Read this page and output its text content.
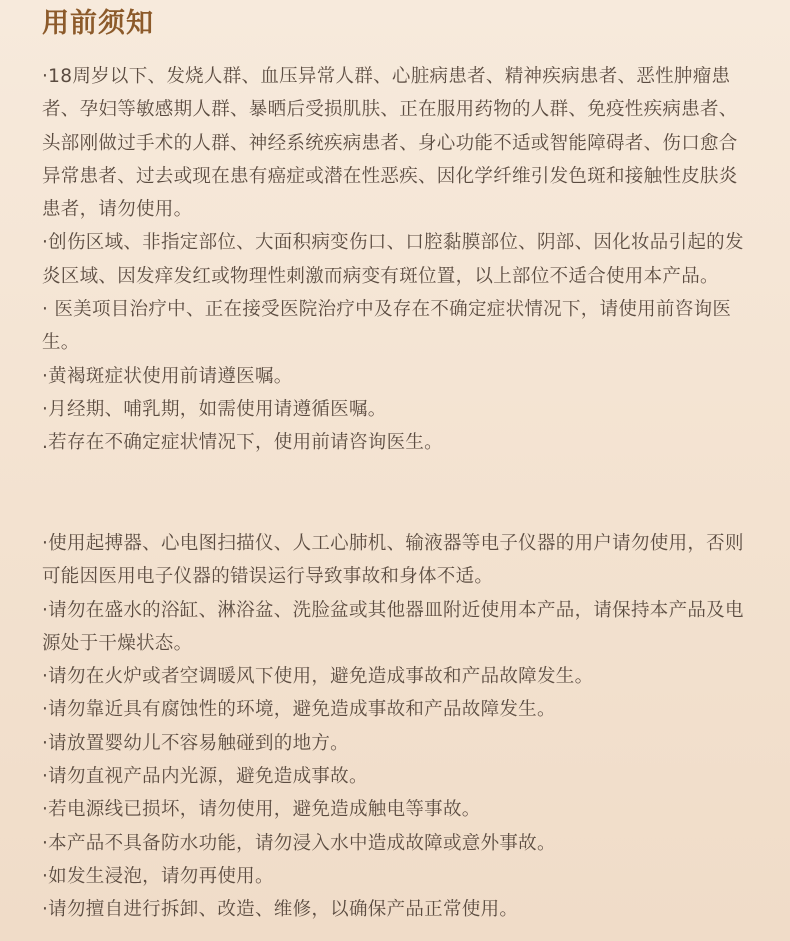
用前须知

·18周岁以下、发烧人群、血压异常人群、心脏病患者、精神疾病患者、恶性肿瘤患者、孕妇等敏感期人群、暴晒后受损肌肤、正在服用药物的人群、免疫性疾病患者、头部刚做过手术的人群、神经系统疾病患者、身心功能不适或智能障碍者、伤口愈合异常患者、过去或现在患有癌症或潜在性恶疾、因化学纤维引发色斑和接触性皮肤炎患者，请勿使用。

·创伤区域、非指定部位、大面积病变伤口、口腔黏膜部位、阴部、因化妆品引起的发炎区域、因发痒发红或物理性刺激而病变有斑位置，以上部位不适合使用本产品。

· 医美项目治疗中、正在接受医院治疗中及存在不确定症状情况下，请使用前咨询医生。

·黄褐斑症状使用前请遵医嘱。

·月经期、哺乳期，如需使用请遵循医嘱。

.若存在不确定症状情况下，使用前请咨询医生。

·使用起搏器、心电图扫描仪、人工心肺机、输液器等电子仪器的用户请勿使用，否则可能因医用电子仪器的错误运行导致事故和身体不适。

·请勿在盛水的浴缸、淋浴盆、洗脸盆或其他器皿附近使用本产品，请保持本产品及电源处于干燥状态。

·请勿在火炉或者空调暖风下使用，避免造成事故和产品故障发生。

·请勿靠近具有腐蚀性的环境，避免造成事故和产品故障发生。

·请放置婴幼儿不容易触碰到的地方。

·请勿直视产品内光源，避免造成事故。

·若电源线已损坏，请勿使用，避免造成触电等事故。

·本产品不具备防水功能，请勿浸入水中造成故障或意外事故。

·如发生浸泡，请勿再使用。

·请勿擅自进行拆卸、改造、维修，以确保产品正常使用。
